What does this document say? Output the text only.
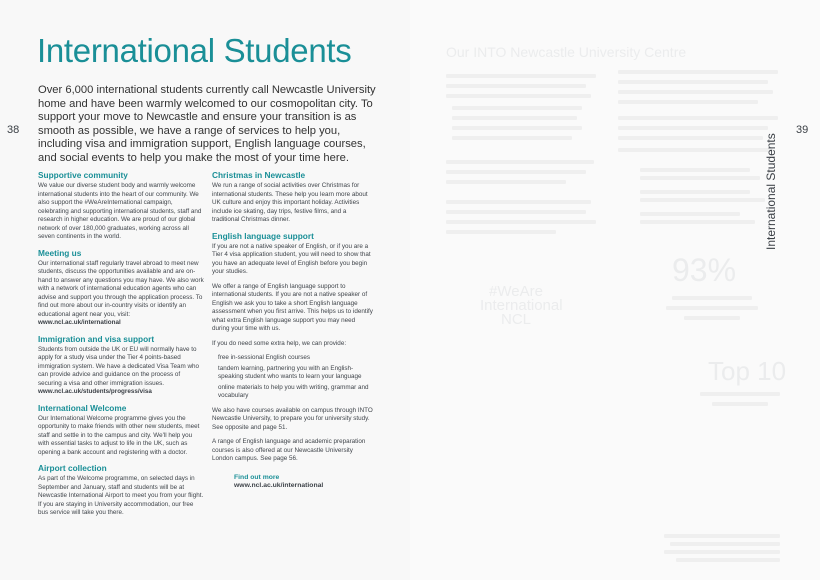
38	39
International Students

Over 6,000 international students currently call Newcastle University home and have been warmly welcomed to our cosmopolitan city. To support your move to Newcastle and ensure your transition is as smooth as possible, we have a range of services to help you, including visa and immigration support, English language courses, and social events to help you make the most of your time here.

Supportive community

We value our diverse student body and warmly welcome international students into the heart of our community. We also support the #WeAreInternational campaign, celebrating and supporting international students, staff and research in higher education. We are proud of our global network of over 180,000 graduates, working across all seven continents in the world.

Meeting us

Our international staff regularly travel abroad to meet new students, discuss the opportunities available and are on-hand to answer any questions you may have. We also work with a network of international education agents who can advise and support you through the application process. To find out more about our in-country visits or identify an educational agent near you, visit: www.ncl.ac.uk/international

Immigration and visa support

Students from outside the UK or EU will normally have to apply for a study visa under the Tier 4 points-based immigration system. We have a dedicated Visa Team who can provide advice and guidance on the process of securing a visa and other immigration issues. www.ncl.ac.uk/students/progress/visa

International Welcome

Our International Welcome programme gives you the opportunity to make friends with other new students, meet staff and settle in to the campus and city. We'll help you with essential tasks to adjust to life in the UK, such as opening a bank account and registering with a doctor.

Airport collection

As part of the Welcome programme, on selected days in September and January, staff and students will be at Newcastle International Airport to meet you from your flight. If you are staying in University accommodation, our free bus service will take you there.

Christmas in Newcastle

We run a range of social activities over Christmas for international students. These help you learn more about UK culture and enjoy this important holiday. Activities include ice skating, day trips, festive films, and a traditional Christmas dinner.

English language support

If you are not a native speaker of English, or if you are a Tier 4 visa application student, you will need to show that you have an adequate level of English before you begin your studies.

We offer a range of English language support to international students. If you are not a native speaker of English we ask you to take a short English language assessment when you first arrive. This helps us to identify what extra English language support you may need during your time with us.

If you do need some extra help, we can provide:

free in-sessional English courses
tandem learning, partnering you with an English-speaking student who wants to learn your language
online materials to help you with writing, grammar and vocabulary

We also have courses available on campus through INTO Newcastle University, to prepare you for university study. See opposite and page 51.

A range of English language and academic preparation courses is also offered at our Newcastle University London campus. See page 56.

Find out more
www.ncl.ac.uk/international
Our INTO Newcastle University Centre
#WeAre
International
NCL
93%
Top 10
International Students
